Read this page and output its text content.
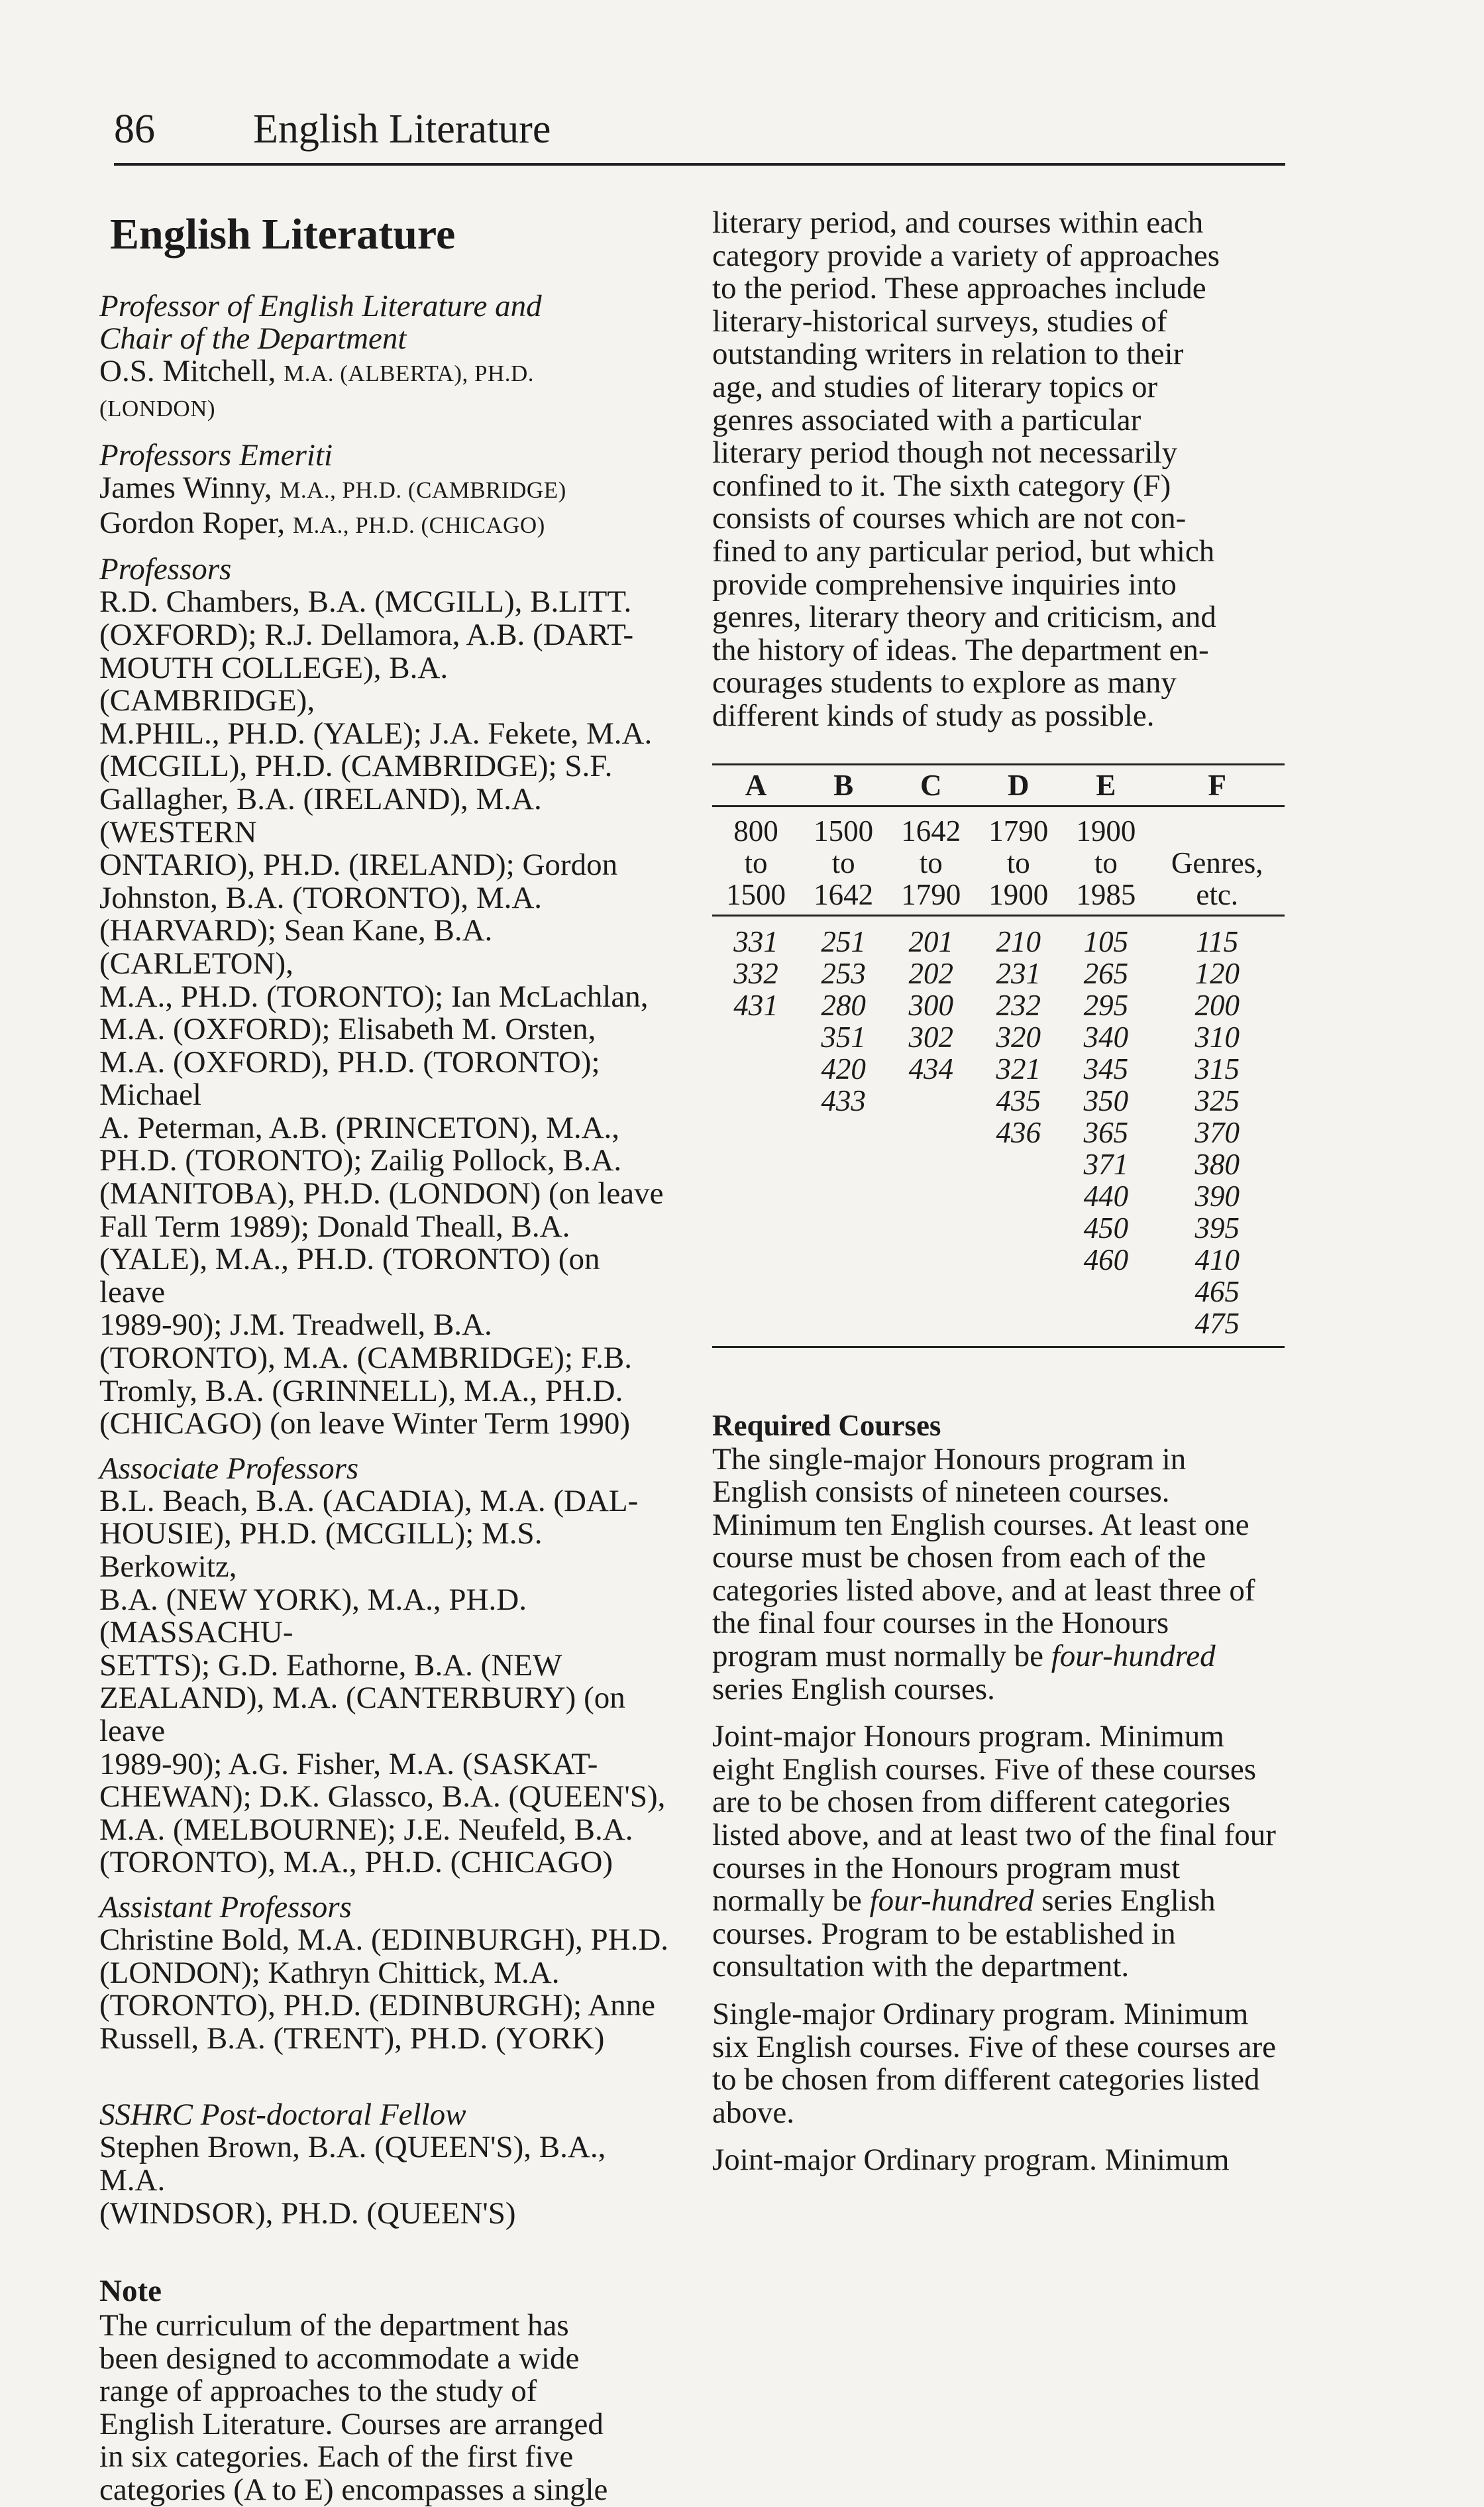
86 English Literature
English Literature
Professor of English Literature and
Chair of the Department
O.S. Mitchell, M.A. (ALBERTA), PH.D.
(LONDON)
Professors Emeriti
James Winny, M.A., PH.D. (CAMBRIDGE)
Gordon Roper, M.A., PH.D. (CHICAGO)
Professors
R.D. Chambers, B.A. (MCGILL), B.LITT.
(OXFORD); R.J. Dellamora, A.B. (DART-
MOUTH COLLEGE), B.A. (CAMBRIDGE),
M.PHIL., PH.D. (YALE); J.A. Fekete, M.A.
(MCGILL), PH.D. (CAMBRIDGE); S.F.
Gallagher, B.A. (IRELAND), M.A. (WESTERN
ONTARIO), PH.D. (IRELAND); Gordon
Johnston, B.A. (TORONTO), M.A.
(HARVARD); Sean Kane, B.A. (CARLETON),
M.A., PH.D. (TORONTO); Ian McLachlan,
M.A. (OXFORD); Elisabeth M. Orsten,
M.A. (OXFORD), PH.D. (TORONTO); Michael
A. Peterman, A.B. (PRINCETON), M.A.,
PH.D. (TORONTO); Zailig Pollock, B.A.
(MANITOBA), PH.D. (LONDON) (on leave
Fall Term 1989); Donald Theall, B.A.
(YALE), M.A., PH.D. (TORONTO) (on leave
1989-90); J.M. Treadwell, B.A.
(TORONTO), M.A. (CAMBRIDGE); F.B.
Tromly, B.A. (GRINNELL), M.A., PH.D.
(CHICAGO) (on leave Winter Term 1990)
Associate Professors
B.L. Beach, B.A. (ACADIA), M.A. (DAL-
HOUSIE), PH.D. (MCGILL); M.S. Berkowitz,
B.A. (NEW YORK), M.A., PH.D. (MASSACHU-
SETTS); G.D. Eathorne, B.A. (NEW
ZEALAND), M.A. (CANTERBURY) (on leave
1989-90); A.G. Fisher, M.A. (SASKAT-
CHEWAN); D.K. Glassco, B.A. (QUEEN'S),
M.A. (MELBOURNE); J.E. Neufeld, B.A.
(TORONTO), M.A., PH.D. (CHICAGO)
Assistant Professors
Christine Bold, M.A. (EDINBURGH), PH.D.
(LONDON); Kathryn Chittick, M.A.
(TORONTO), PH.D. (EDINBURGH); Anne
Russell, B.A. (TRENT), PH.D. (YORK)
SSHRC Post-doctoral Fellow
Stephen Brown, B.A. (QUEEN'S), B.A., M.A.
(WINDSOR), PH.D. (QUEEN'S)
Note
The curriculum of the department has
been designed to accommodate a wide
range of approaches to the study of
English Literature. Courses are arranged
in six categories. Each of the first five
categories (A to E) encompasses a single
literary period, and courses within each
category provide a variety of approaches
to the period. These approaches include
literary-historical surveys, studies of
outstanding writers in relation to their
age, and studies of literary topics or
genres associated with a particular
literary period though not necessarily
confined to it. The sixth category (F)
consists of courses which are not con-
fined to any particular period, but which
provide comprehensive inquiries into
genres, literary theory and criticism, and
the history of ideas. The department en-
courages students to explore as many
different kinds of study as possible.
A	B	C	D	E	F
800	1500	1642	1790	1900	
to	to	to	to	to	Genres,
1500	1642	1790	1900	1985	etc.
331	251	201	210	105	115
332	253	202	231	265	120
431	280	300	232	295	200
	351	302	320	340	310
	420	434	321	345	315
	433		435	350	325
			436	365	370
				371	380
				440	390
				450	395
				460	410
					465
					475
Required Courses
The single-major Honours program in English consists of nineteen courses. Minimum ten English courses. At least one course must be chosen from each of the categories listed above, and at least three of the final four courses in the Honours program must normally be four-hundred series English courses.
Joint-major Honours program. Minimum eight English courses. Five of these courses are to be chosen from different categories listed above, and at least two of the final four courses in the Honours program must normally be four-hundred series English courses. Program to be established in consultation with the department.
Single-major Ordinary program. Minimum six English courses. Five of these courses are to be chosen from different categories listed above.
Joint-major Ordinary program. Minimum
